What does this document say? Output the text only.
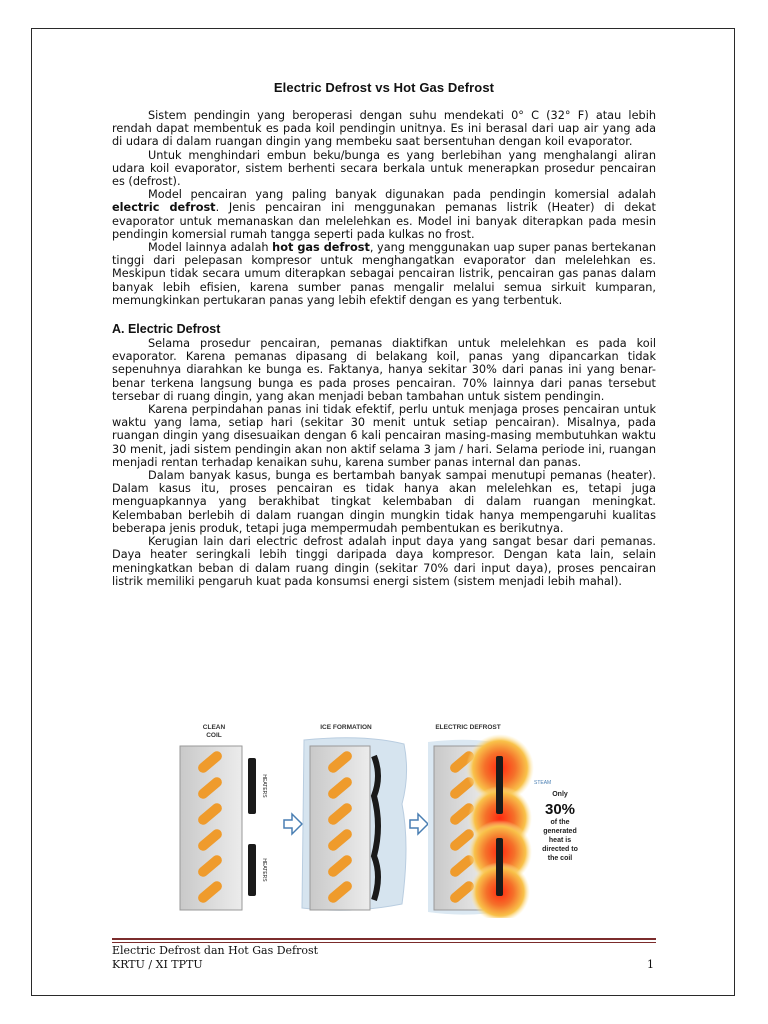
Electric Defrost vs Hot Gas Defrost

Sistem pendingin yang beroperasi dengan suhu mendekati 0° C (32° F) atau lebih rendah dapat membentuk es pada koil pendingin unitnya. Es ini berasal dari uap air yang ada di udara di dalam ruangan dingin yang membeku saat bersentuhan dengan koil evaporator.

Untuk menghindari embun beku/bunga es yang berlebihan yang menghalangi aliran udara koil evaporator, sistem berhenti secara berkala untuk menerapkan prosedur pencairan es (defrost).

Model pencairan yang paling banyak digunakan pada pendingin komersial adalah electric defrost. Jenis pencairan ini menggunakan pemanas listrik (Heater) di dekat evaporator untuk memanaskan dan melelehkan es. Model ini banyak diterapkan pada mesin pendingin komersial rumah tangga seperti pada kulkas no frost.

Model lainnya adalah hot gas defrost, yang menggunakan uap super panas bertekanan tinggi dari pelepasan kompresor untuk menghangatkan evaporator dan melelehkan es. Meskipun tidak secara umum diterapkan sebagai pencairan listrik, pencairan gas panas dalam banyak lebih efisien, karena sumber panas mengalir melalui semua sirkuit kumparan, memungkinkan pertukaran panas yang lebih efektif dengan es yang terbentuk.

A. Electric Defrost

Selama prosedur pencairan, pemanas diaktifkan untuk melelehkan es pada koil evaporator. Karena pemanas dipasang di belakang koil, panas yang dipancarkan tidak sepenuhnya diarahkan ke bunga es. Faktanya, hanya sekitar 30% dari panas ini yang benar-benar terkena langsung bunga es pada proses pencairan. 70% lainnya dari panas tersebut tersebar di ruang dingin, yang akan menjadi beban tambahan untuk sistem pendingin.

Karena perpindahan panas ini tidak efektif, perlu untuk menjaga proses pencairan untuk waktu yang lama, setiap hari (sekitar 30 menit untuk setiap pencairan). Misalnya, pada ruangan dingin yang disesuaikan dengan 6 kali pencairan masing-masing membutuhkan waktu 30 menit, jadi sistem pendingin akan non aktif selama 3 jam / hari. Selama periode ini, ruangan menjadi rentan terhadap kenaikan suhu, karena sumber panas internal dan panas.

Dalam banyak kasus, bunga es bertambah banyak sampai menutupi pemanas (heater). Dalam kasus itu, proses pencairan es tidak hanya akan melelehkan es, tetapi juga menguapkannya yang berakhibat tingkat kelembaban di dalam ruangan meningkat. Kelembaban berlebih di dalam ruangan dingin mungkin tidak hanya mempengaruhi kualitas beberapa jenis produk, tetapi juga mempermudah pembentukan es berikutnya.

Kerugian lain dari electric defrost adalah input daya yang sangat besar dari pemanas. Daya heater seringkali lebih tinggi daripada daya kompresor. Dengan kata lain, selain meningkatkan beban di dalam ruang dingin (sekitar 70% dari input daya), proses pencairan listrik memiliki pengaruh kuat pada konsumsi energi sistem (sistem menjadi lebih mahal).

CLEAN
COIL
HEATERS
HEATERS
ICE FORMATION	ELECTRIC DEFROST
STEAM
Only
30%
of the
generated
heat is
directed to
the coil
Electric Defrost dan Hot Gas Defrost
KRTU / XI TPTU	1
